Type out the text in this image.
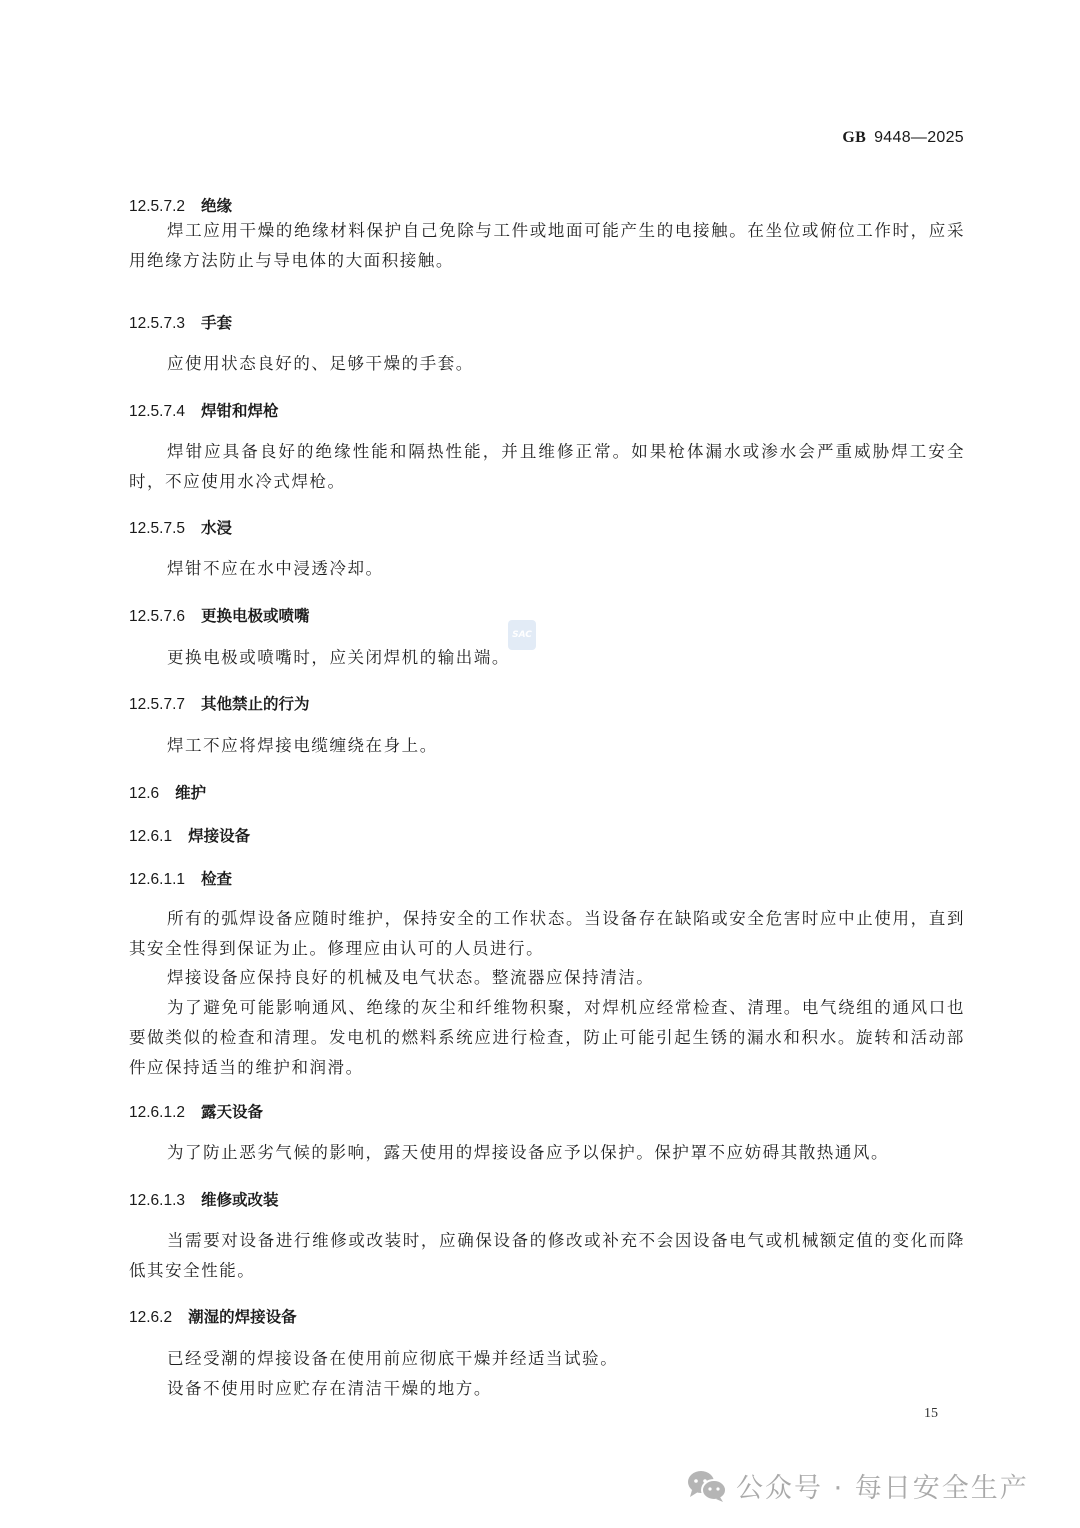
GB 9448—2025
12.5.7.2 绝缘

焊工应用干燥的绝缘材料保护自己免除与工件或地面可能产生的电接触。在坐位或俯位工作时，应采用绝缘方法防止与导电体的大面积接触。

12.5.7.3 手套

应使用状态良好的、足够干燥的手套。

12.5.7.4 焊钳和焊枪

焊钳应具备良好的绝缘性能和隔热性能，并且维修正常。如果枪体漏水或渗水会严重威胁焊工安全时，不应使用水冷式焊枪。

12.5.7.5 水浸

焊钳不应在水中浸透冷却。

12.5.7.6 更换电极或喷嘴
SAC

更换电极或喷嘴时，应关闭焊机的输出端。

12.5.7.7 其他禁止的行为

焊工不应将焊接电缆缠绕在身上。

12.6 维护
12.6.1 焊接设备
12.6.1.1 检查

所有的弧焊设备应随时维护，保持安全的工作状态。当设备存在缺陷或安全危害时应中止使用，直到其安全性得到保证为止。修理应由认可的人员进行。

焊接设备应保持良好的机械及电气状态。整流器应保持清洁。

为了避免可能影响通风、绝缘的灰尘和纤维物积聚，对焊机应经常检查、清理。电气绕组的通风口也要做类似的检查和清理。发电机的燃料系统应进行检查，防止可能引起生锈的漏水和积水。旋转和活动部件应保持适当的维护和润滑。

12.6.1.2 露天设备

为了防止恶劣气候的影响，露天使用的焊接设备应予以保护。保护罩不应妨碍其散热通风。

12.6.1.3 维修或改装

当需要对设备进行维修或改装时，应确保设备的修改或补充不会因设备电气或机械额定值的变化而降低其安全性能。

12.6.2 潮湿的焊接设备

已经受潮的焊接设备在使用前应彻底干燥并经适当试验。

设备不使用时应贮存在清洁干燥的地方。

15
公众号 · 每日安全生产
